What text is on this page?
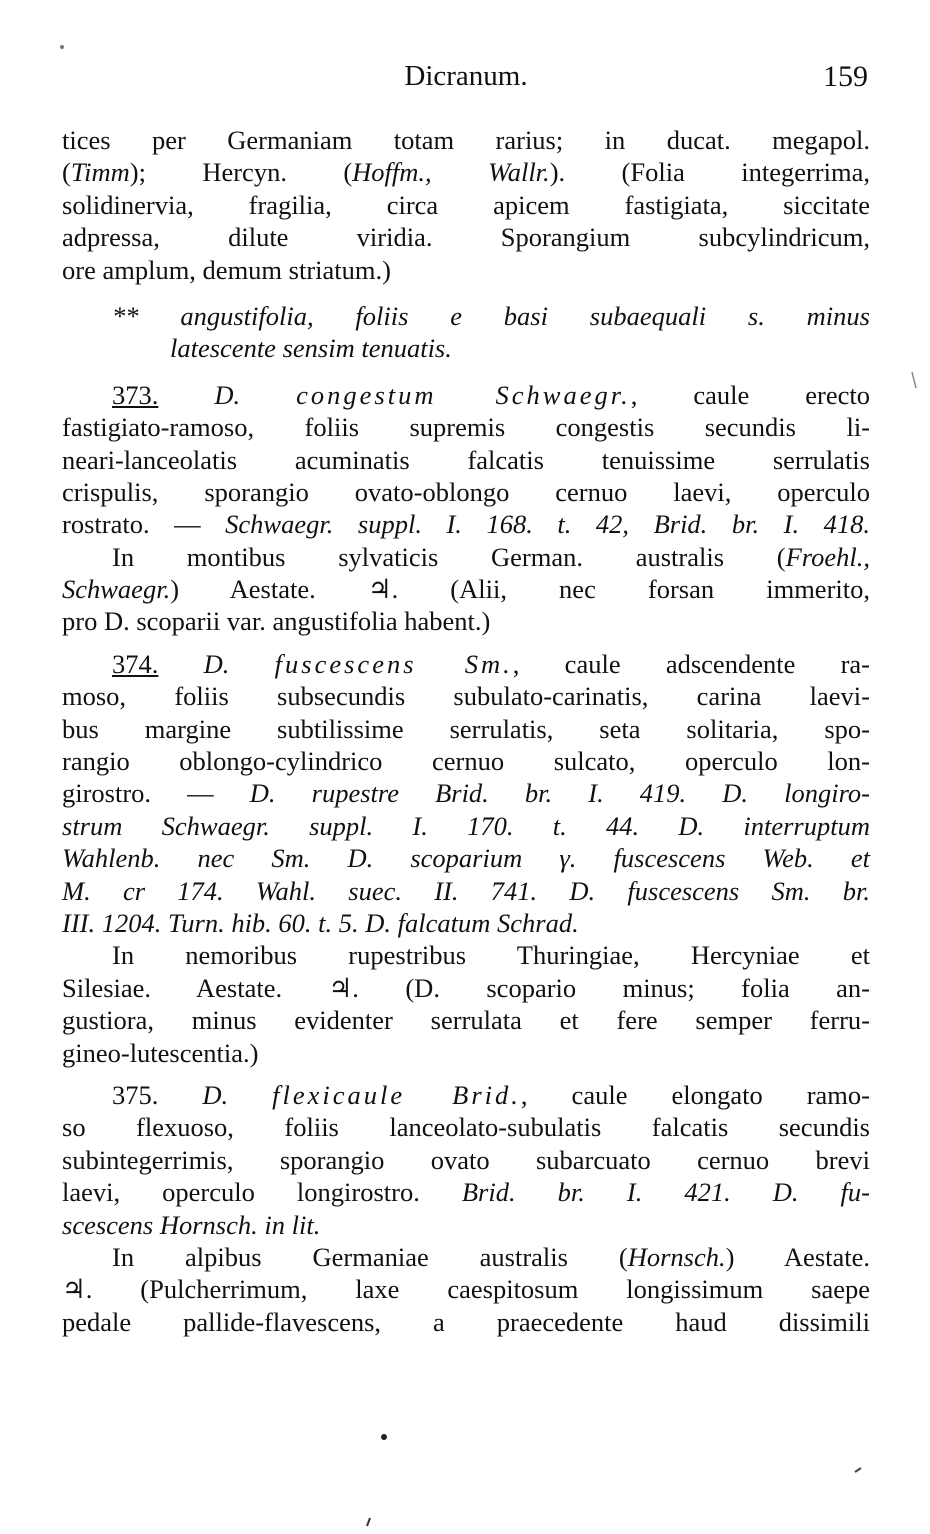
Dicranum.	159
tices per Germaniam totam rarius; in ducat. megapol.
(Timm); Hercyn. (Hoffm., Wallr.). (Folia integerrima,
solidinervia, fragilia, circa apicem fastigiata, siccitate
adpressa, dilute viridia. Sporangium subcylindricum,
ore amplum, demum striatum.)
** angustifolia, foliis e basi subaequali s. minus
latescente sensim tenuatis.
373. D. congestum Schwaegr., caule erecto
fastigiato-ramoso, foliis supremis congestis secundis li-
neari-lanceolatis acuminatis falcatis tenuissime serrulatis
crispulis, sporangio ovato-oblongo cernuo laevi, operculo
rostrato. — Schwaegr. suppl. I. 168. t. 42, Brid. br. I. 418.
In montibus sylvaticis German. australis (Froehl.,
Schwaegr.) Aestate. ♃. (Alii, nec forsan immerito,
pro D. scoparii var. angustifolia habent.)
374. D. fuscescens Sm., caule adscendente ra-
moso, foliis subsecundis subulato-carinatis, carina laevi-
bus margine subtilissime serrulatis, seta solitaria, spo-
rangio oblongo-cylindrico cernuo sulcato, operculo lon-
girostro. — D. rupestre Brid. br. I. 419. D. longiro-
strum Schwaegr. suppl. I. 170. t. 44. D. interruptum
Wahlenb. nec Sm. D. scoparium γ. fuscescens Web. et
M. cr 174. Wahl. suec. II. 741. D. fuscescens Sm. br.
III. 1204. Turn. hib. 60. t. 5. D. falcatum Schrad.
In nemoribus rupestribus Thuringiae, Hercyniae et
Silesiae. Aestate. ♃. (D. scopario minus; folia an-
gustiora, minus evidenter serrulata et fere semper ferru-
gineo-lutescentia.)
375. D. flexicaule Brid., caule elongato ramo-
so flexuoso, foliis lanceolato-subulatis falcatis secundis
subintegerrimis, sporangio ovato subarcuato cernuo brevi
laevi, operculo longirostro. Brid. br. I. 421. D. fu-
scescens Hornsch. in lit.
In alpibus Germaniae australis (Hornsch.) Aestate.
♃. (Pulcherrimum, laxe caespitosum longissimum saepe
pedale pallide-flavescens, a praecedente haud dissimili
